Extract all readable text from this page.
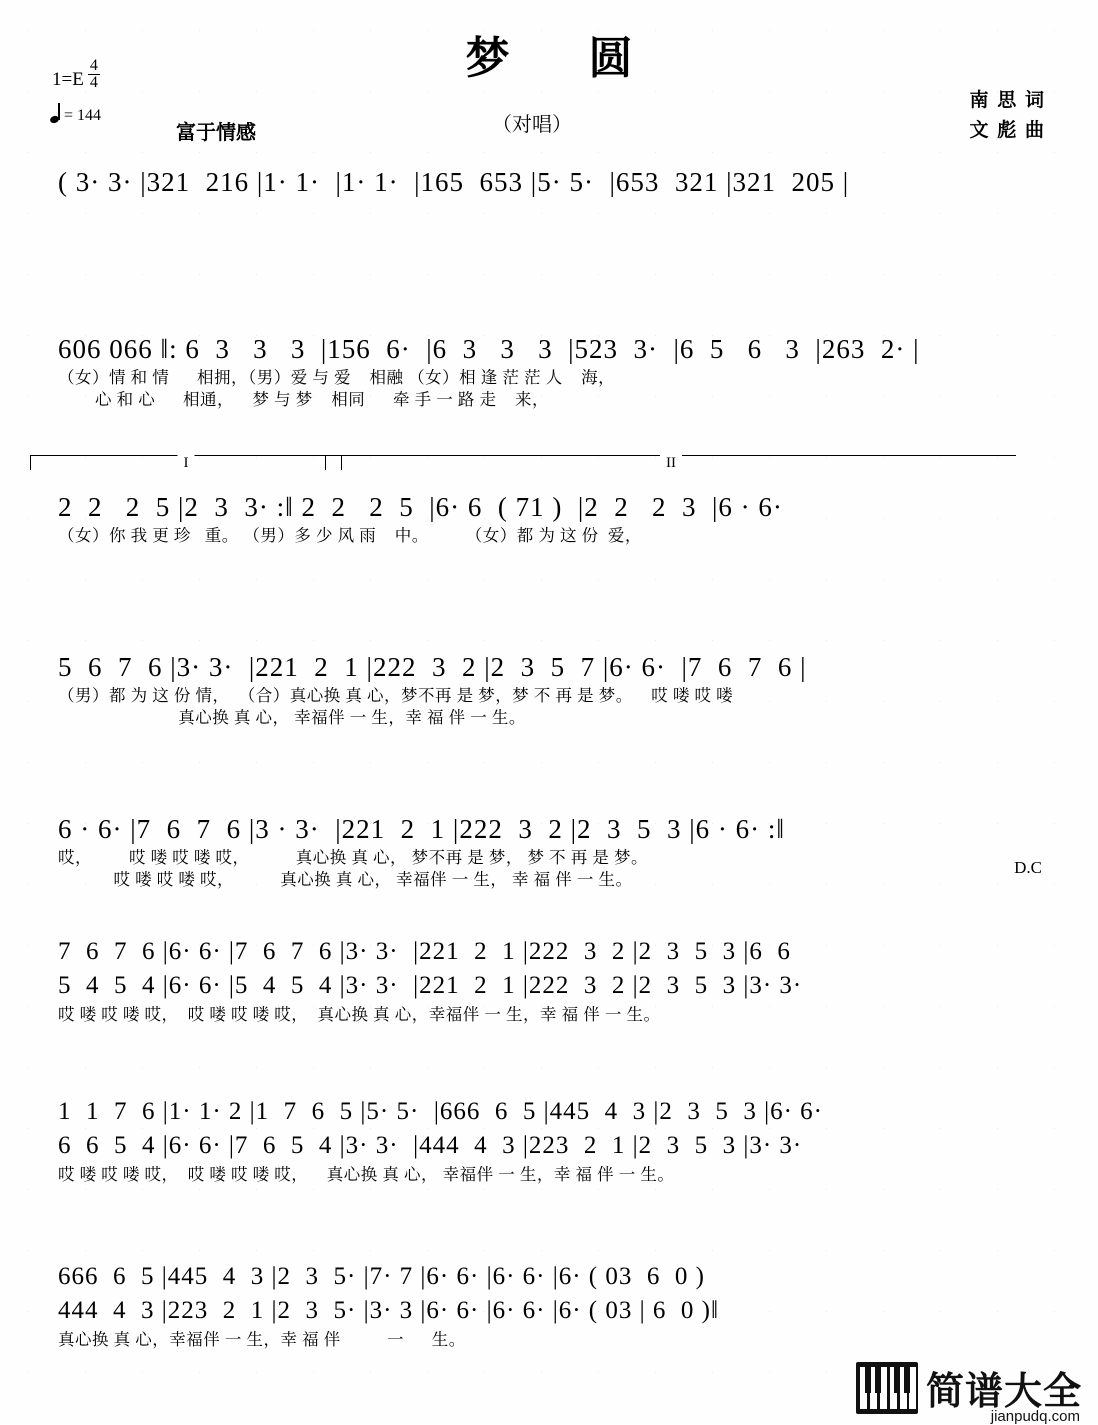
梦 圆
$1=E \frac{4}{4}$
= 144
富于情感	（对唱）
南 思 词
文 彪 曲
( 3· 3· |321  216 |1· 1·  |1· 1·  |165  653 |5· 5·  |653  321 |321  205 |
606 066 ‖: 6  3   3   3  |156  6·  |6  3   3   3  |523  3·  |6  5   6   3  |263  2· |
（女）情 和 情      相拥，（男）爱 与 爱    相融 （女）相 逢 茫 茫 人    海，
心 和 心      相通，    梦 与 梦    相同      牵 手 一 路 走    来，
I	II
2  2   2  5 |2  3  3· :‖ 2  2   2  5  |6· 6  ( 71 )  |2  2   2  3  |6 · 6·
（女）你 我 更 珍   重。 （男）多 少 风 雨    中。        （女）都 为 这 份  爱，
5  6  7  6 |3· 3·  |221  2  1 |222  3  2 |2  3  5  7 |6· 6·  |7  6  7  6 |
（男）都 为 这 份 情，  （合）真心换 真 心，梦不再 是 梦，梦 不 再 是 梦。    哎 喽 哎 喽
真心换 真 心， 幸福伴 一 生，幸 福 伴 一 生。
6 · 6· |7  6  7  6 |3 · 3·  |221  2  1 |222  3  2 |2  3  5  3 |6 · 6· :‖
哎，        哎 喽 哎 喽 哎，          真心换 真 心， 梦不再 是 梦， 梦 不 再 是 梦。
哎 喽 哎 喽 哎，          真心换 真 心， 幸福伴 一 生， 幸 福 伴 一 生。
D.C
7  6  7  6 |6· 6· |7  6  7  6 |3· 3·  |221  2  1 |222  3  2 |2  3  5  3 |6  6
5  4  5  4 |6· 6· |5  4  5  4 |3· 3·  |221  2  1 |222  3  2 |2  3  5  3 |3· 3·
哎 喽 哎 喽 哎，  哎 喽 哎 喽 哎，  真心换 真 心，幸福伴 一 生，幸 福 伴 一 生。
1  1  7  6 |1· 1· 2 |1  7  6  5 |5· 5·  |666  6  5 |445  4  3 |2  3  5  3 |6· 6·
6  6  5  4 |6· 6· |7  6  5  4 |3· 3·  |444  4  3 |223  2  1 |2  3  5  3 |3· 3·
哎 喽 哎 喽 哎，  哎 喽 哎 喽 哎，    真心换 真 心， 幸福伴 一 生，幸 福 伴 一 生。
666  6  5 |445  4  3 |2  3  5· |7· 7 |6· 6· |6· 6· |6· ( 03  6  0 )
444  4  3 |223  2  1 |2  3  5· |3· 3 |6· 6· |6· 6· |6· ( 03 | 6  0 )‖
真心换 真 心，幸福伴 一 生，幸 福 伴          一      生。
简谱大全
jianpudq.com
